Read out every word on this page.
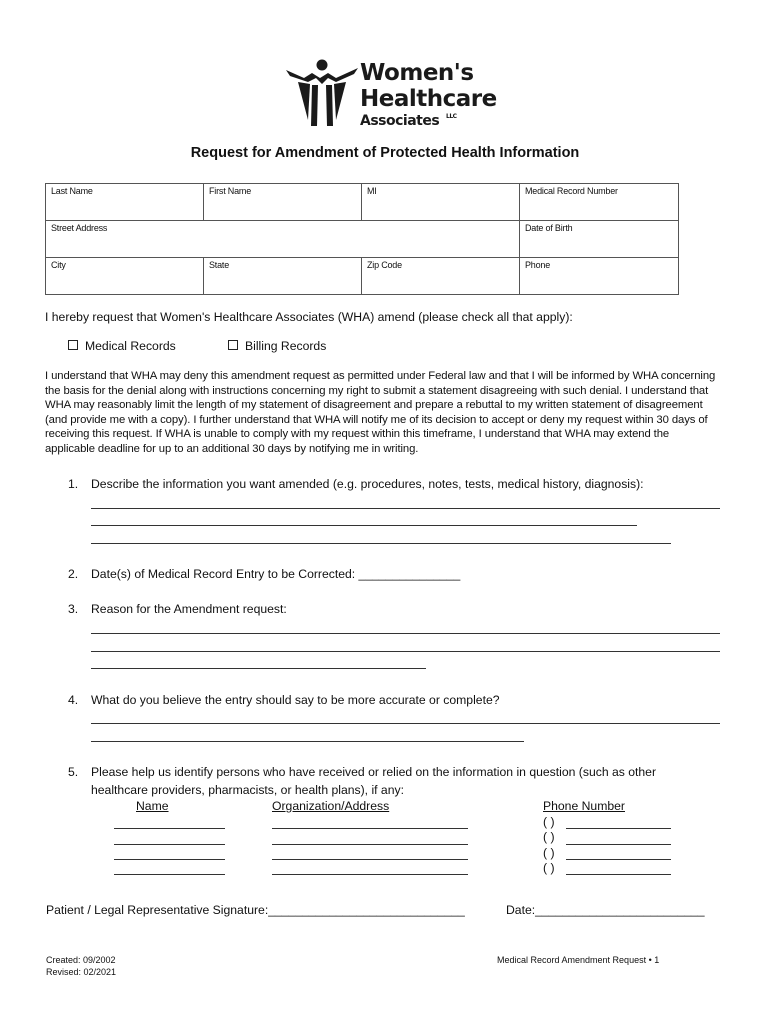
Women's
Healthcare
Associates LLC
Request for Amendment of Protected Health Information
Last Name	First Name	MI	Medical Record Number
Street Address			Date of Birth
City	State	Zip Code	Phone
I hereby request that Women's Healthcare Associates (WHA) amend (please check all that apply):
Medical Records	Billing Records
I understand that WHA may deny this amendment request as permitted under Federal law and that I will be informed by WHA concerning the basis for the denial along with instructions concerning my right to submit a statement disagreeing with such denial. I understand that WHA may reasonably limit the length of my statement of disagreement and prepare a rebuttal to my written statement of disagreement (and provide me with a copy). I further understand that WHA will notify me of its decision to accept or deny my request within 30 days of receiving this request. If WHA is unable to comply with my request within this timeframe, I understand that WHA may extend the applicable deadline for up to an additional 30 days by notifying me in writing.
1. Describe the information you want amended (e.g. procedures, notes, tests, medical history, diagnosis):
2. Date(s) of Medical Record Entry to be Corrected: _______________
3. Reason for the Amendment request:
4. What do you believe the entry should say to be more accurate or complete?
5. Please help us identify persons who have received or relied on the information in question (such as other
healthcare providers, pharmacists, or health plans), if any:
Name	Organization/Address	Phone Number
( )
( )
( )
( )
Patient / Legal Representative Signature:_____________________________	Date:_________________________
Created: 09/2002
Revised: 02/2021
Medical Record Amendment Request • 1
